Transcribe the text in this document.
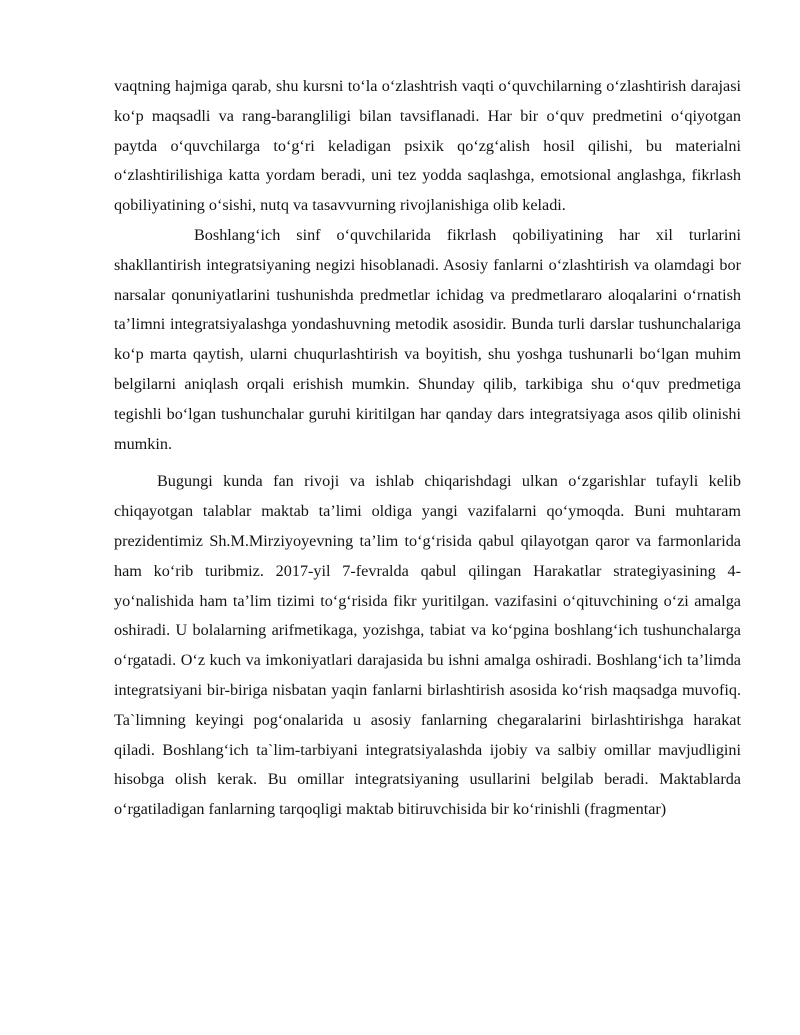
vaqtning hajmiga qarab, shu kursni to‘la o‘zlashtrish vaqti o‘quvchilarning o‘zlashtirish darajasi ko‘p maqsadli va rang-barangliligi bilan tavsiflanadi. Har bir o‘quv predmetini o‘qiyotgan paytda o‘quvchilarga to‘g‘ri keladigan psixik qo‘zg‘alish hosil qilishi, bu materialni o‘zlashtirilishiga katta yordam beradi, uni tez yodda saqlashga, emotsional anglashga, fikrlash qobiliyatining o‘sishi, nutq va tasavvurning rivojlanishiga olib keladi.

Boshlang‘ich sinf o‘quvchilarida fikrlash qobiliyatining har xil turlarini shakllantirish integratsiyaning negizi hisoblanadi. Asosiy fanlarni o‘zlashtirish va olamdagi bor narsalar qonuniyatlarini tushunishda predmetlar ichidag va predmetlararo aloqalarini o‘rnatish ta’limni integratsiyalashga yondashuvning metodik asosidir. Bunda turli darslar tushunchalariga ko‘p marta qaytish, ularni chuqurlashtirish va boyitish, shu yoshga tushunarli bo‘lgan muhim belgilarni aniqlash orqali erishish mumkin. Shunday qilib, tarkibiga shu o‘quv predmetiga tegishli bo‘lgan tushunchalar guruhi kiritilgan har qanday dars integratsiyaga asos qilib olinishi mumkin.

Bugungi kunda fan rivoji va ishlab chiqarishdagi ulkan o‘zgarishlar tufayli kelib chiqayotgan talablar maktab ta’limi oldiga yangi vazifalarni qo‘ymoqda. Buni muhtaram prezidentimiz Sh.M.Mirziyoyevning ta’lim to‘g‘risida qabul qilayotgan qaror va farmonlarida ham ko‘rib turibmiz. 2017-yil 7-fevralda qabul qilingan Harakatlar strategiyasining 4-yo‘nalishida ham ta’lim tizimi to‘g‘risida fikr yuritilgan. vazifasini o‘qituvchining o‘zi amalga oshiradi. U bolalarning arifmetikaga, yozishga, tabiat va ko‘pgina boshlang‘ich tushunchalarga o‘rgatadi. O‘z kuch va imkoniyatlari darajasida bu ishni amalga oshiradi. Boshlang‘ich ta’limda integratsiyani bir-biriga nisbatan yaqin fanlarni birlashtirish asosida ko‘rish maqsadga muvofiq. Ta`limning keyingi pog‘onalarida u asosiy fanlarning chegaralarini birlashtirishga harakat qiladi. Boshlang‘ich ta`lim-tarbiyani integratsiyalashda ijobiy va salbiy omillar mavjudligini hisobga olish kerak. Bu omillar integratsiyaning usullarini belgilab beradi. Maktablarda o‘rgatiladigan fanlarning tarqoqligi maktab bitiruvchisida bir ko‘rinishli (fragmentar)
